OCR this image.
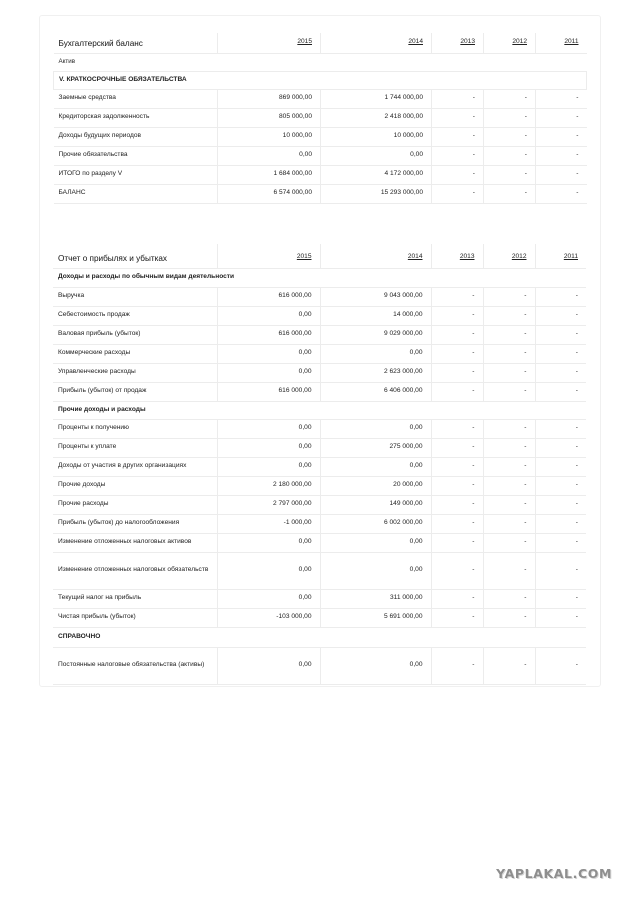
Бухгалтерский баланс	2015	2014	2013	2012	2011
Актив					
V. КРАТКОСРОЧНЫЕ ОБЯЗАТЕЛЬСТВА					
Заемные средства	869 000,00	1 744 000,00	-	-	-
Кредиторская задолженность	805 000,00	2 418 000,00	-	-	-
Доходы будущих периодов	10 000,00	10 000,00	-	-	-
Прочие обязательства	0,00	0,00	-	-	-
ИТОГО по разделу V	1 684 000,00	4 172 000,00	-	-	-
БАЛАНС	6 574 000,00	15 293 000,00	-	-	-
Отчет о прибылях и убытках	2015	2014	2013	2012	2011
Доходы и расходы по обычным видам деятельности					
Выручка	616 000,00	9 043 000,00	-	-	-
Себестоимость продаж	0,00	14 000,00	-	-	-
Валовая прибыль (убыток)	616 000,00	9 029 000,00	-	-	-
Коммерческие расходы	0,00	0,00	-	-	-
Управленческие расходы	0,00	2 623 000,00	-	-	-
Прибыль (убыток) от продаж	616 000,00	6 406 000,00	-	-	-
Прочие доходы и расходы					
Проценты к получению	0,00	0,00	-	-	-
Проценты к уплате	0,00	275 000,00	-	-	-
Доходы от участия в других организациях	0,00	0,00	-	-	-
Прочие доходы	2 180 000,00	20 000,00	-	-	-
Прочие расходы	2 797 000,00	149 000,00	-	-	-
Прибыль (убыток) до налогообложения	-1 000,00	6 002 000,00	-	-	-
Изменение отложенных налоговых активов	0,00	0,00	-	-	-
Изменение отложенных налоговых обязательств	0,00	0,00	-	-	-
Текущий налог на прибыль	0,00	311 000,00	-	-	-
Чистая прибыль (убыток)	-103 000,00	5 691 000,00	-	-	-
СПРАВОЧНО					
Постоянные налоговые обязательства (активы)	0,00	0,00	-	-	-
YAPLAKAL.COM
